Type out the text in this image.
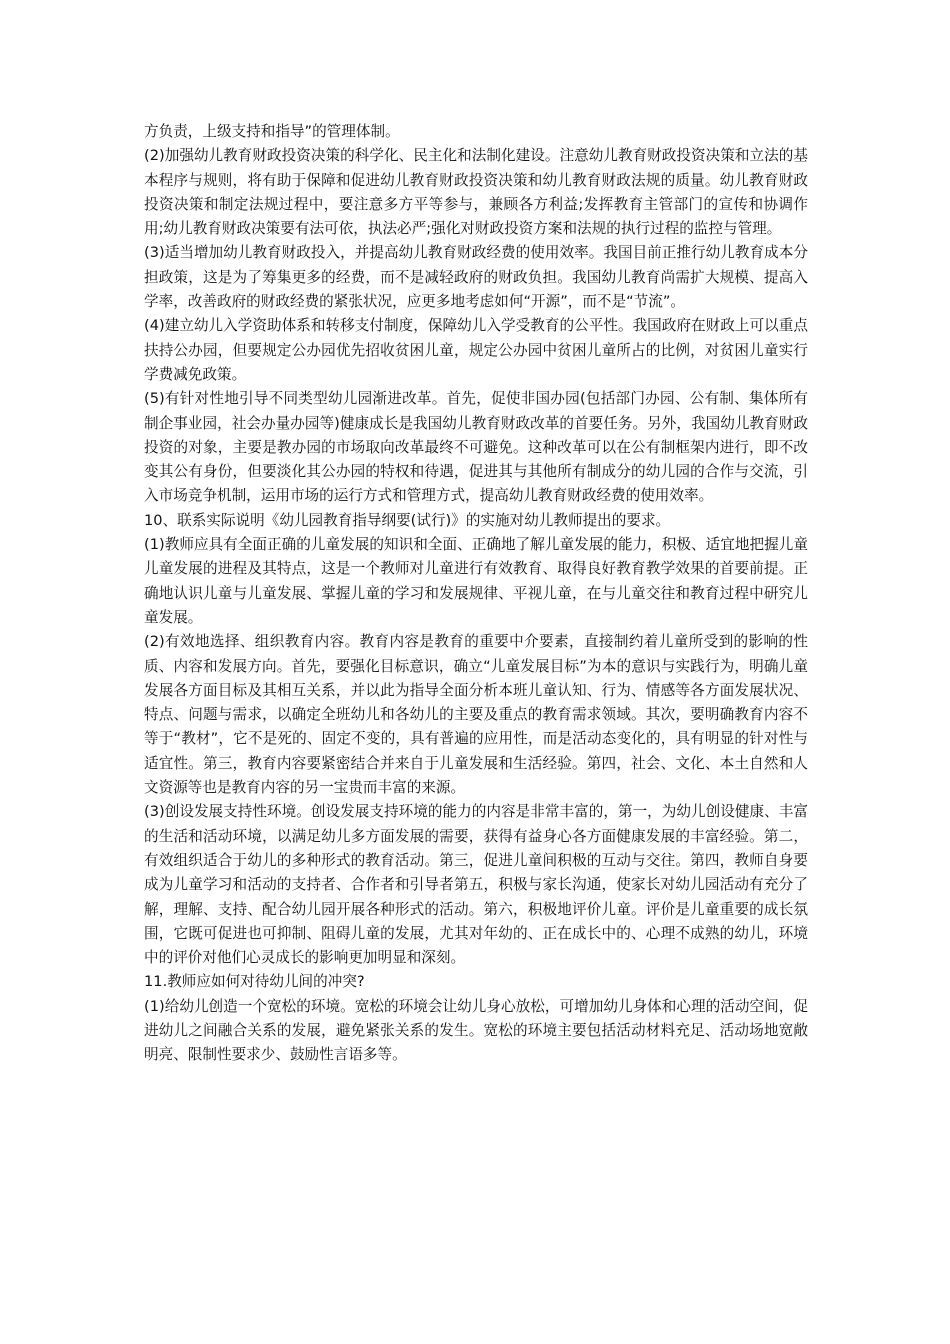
方负责，上级支持和指导”的管理体制。

(2)加强幼儿教育财政投资决策的科学化、民主化和法制化建设。注意幼儿教育财政投资决策和立法的基本程序与规则，将有助于保障和促进幼儿教育财政投资决策和幼儿教育财政法规的质量。幼儿教育财政投资决策和制定法规过程中，要注意多方平等参与，兼顾各方利益;发挥教育主管部门的宣传和协调作用;幼儿教育财政决策要有法可依，执法必严;强化对财政投资方案和法规的执行过程的监控与管理。

(3)适当增加幼儿教育财政投入，并提高幼儿教育财政经费的使用效率。我国目前正推行幼儿教育成本分担政策，这是为了筹集更多的经费，而不是减轻政府的财政负担。我国幼儿教育尚需扩大规模、提高入学率，改善政府的财政经费的紧张状况，应更多地考虑如何“开源”，而不是“节流”。

(4)建立幼儿入学资助体系和转移支付制度，保障幼儿入学受教育的公平性。我国政府在财政上可以重点扶持公办园，但要规定公办园优先招收贫困儿童，规定公办园中贫困儿童所占的比例，对贫困儿童实行学费减免政策。

(5)有针对性地引导不同类型幼儿园渐进改革。首先，促使非国办园(包括部门办园、公有制、集体所有制企事业园，社会办量办园等)健康成长是我国幼儿教育财政改革的首要任务。另外，我国幼儿教育财政投资的对象，主要是教办园的市场取向改革最终不可避免。这种改革可以在公有制框架内进行，即不改变其公有身份，但要淡化其公办园的特权和待遇，促进其与其他所有制成分的幼儿园的合作与交流，引入市场竞争机制，运用市场的运行方式和管理方式，提高幼儿教育财政经费的使用效率。

10、联系实际说明《幼儿园教育指导纲要(试行)》的实施对幼儿教师提出的要求。

(1)教师应具有全面正确的儿童发展的知识和全面、正确地了解儿童发展的能力，积极、适宜地把握儿童儿童发展的进程及其特点，这是一个教师对儿童进行有效教育、取得良好教育教学效果的首要前提。正确地认识儿童与儿童发展、掌握儿童的学习和发展规律、平视儿童，在与儿童交往和教育过程中研究儿童发展。

(2)有效地选择、组织教育内容。教育内容是教育的重要中介要素，直接制约着儿童所受到的影响的性质、内容和发展方向。首先，要强化目标意识，确立“儿童发展目标”为本的意识与实践行为，明确儿童发展各方面目标及其相互关系，并以此为指导全面分析本班儿童认知、行为、情感等各方面发展状况、特点、问题与需求，以确定全班幼儿和各幼儿的主要及重点的教育需求领域。其次，要明确教育内容不等于“教材”，它不是死的、固定不变的，具有普遍的应用性，而是活动态变化的，具有明显的针对性与适宜性。第三，教育内容要紧密结合并来自于儿童发展和生活经验。第四，社会、文化、本土自然和人文资源等也是教育内容的另一宝贵而丰富的来源。

(3)创设发展支持性环境。创设发展支持环境的能力的内容是非常丰富的，第一，为幼儿创设健康、丰富的生活和活动环境，以满足幼儿多方面发展的需要，获得有益身心各方面健康发展的丰富经验。第二，有效组织适合于幼儿的多种形式的教育活动。第三，促进儿童间积极的互动与交往。第四，教师自身要成为儿童学习和活动的支持者、合作者和引导者第五，积极与家长沟通，使家长对幼儿园活动有充分了解，理解、支持、配合幼儿园开展各种形式的活动。第六，积极地评价儿童。评价是儿童重要的成长氛围，它既可促进也可抑制、阻碍儿童的发展，尤其对年幼的、正在成长中的、心理不成熟的幼儿，环境中的评价对他们心灵成长的影响更加明显和深刻。

11.教师应如何对待幼儿间的冲突?

(1)给幼儿创造一个宽松的环境。宽松的环境会让幼儿身心放松，可增加幼儿身体和心理的活动空间，促进幼儿之间融合关系的发展，避免紧张关系的发生。宽松的环境主要包括活动材料充足、活动场地宽敞明亮、限制性要求少、鼓励性言语多等。
